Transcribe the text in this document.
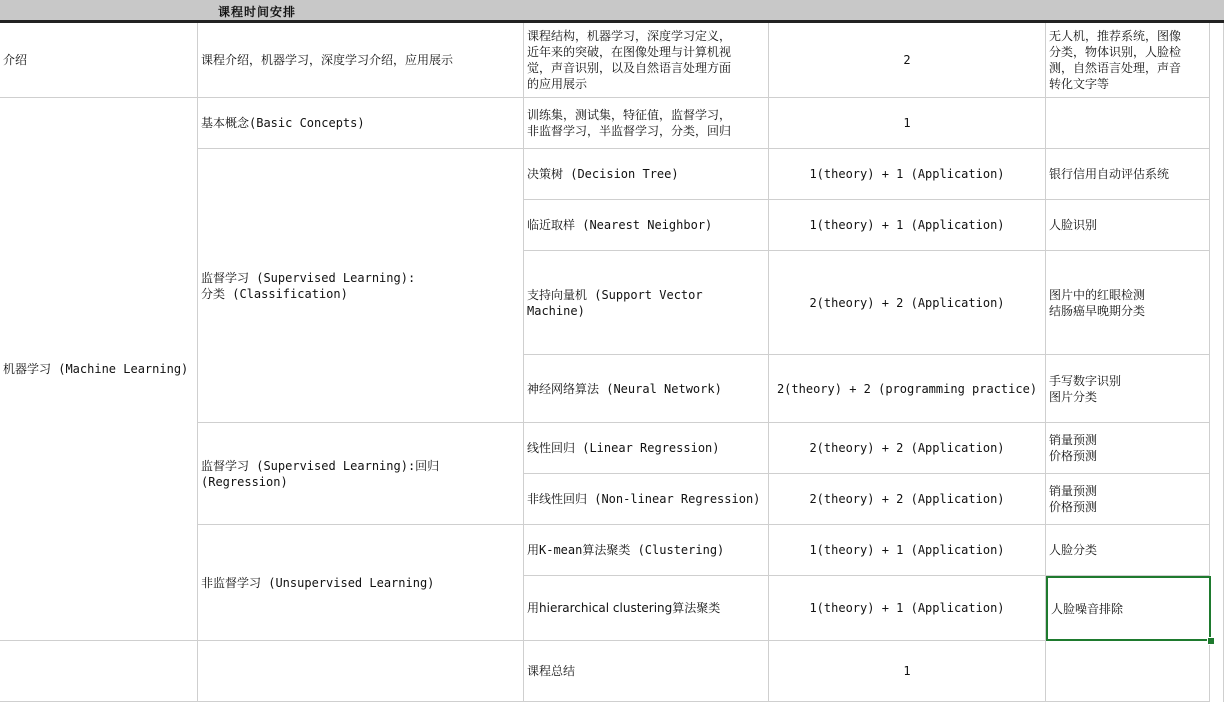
课程时间安排
介绍
机器学习 (Machine Learning)
课程介绍，机器学习，深度学习介绍，应用展示
基本概念(Basic Concepts)
监督学习 (Supervised Learning):
分类 (Classification)
监督学习 (Supervised Learning):回归
(Regression)
非监督学习 (Unsupervised Learning)
课程结构，机器学习，深度学习定义，
近年来的突破，在图像处理与计算机视
觉，声音识别，以及自然语言处理方面
的应用展示
训练集，测试集，特征值，监督学习，
非监督学习，半监督学习，分类，回归
决策树 (Decision Tree)
临近取样 (Nearest Neighbor)
支持向量机 (Support Vector Machine)
神经网络算法 (Neural Network)
线性回归 (Linear Regression)
非线性回归 (Non-linear Regression)
用K-mean算法聚类 (Clustering)
用hierarchical clustering算法聚类
课程总结
2
1
1(theory) + 1 (Application)
1(theory) + 1 (Application)
2(theory) + 2 (Application)
2(theory) + 2 (programming practice)
2(theory) + 2 (Application)
2(theory) + 2 (Application)
1(theory) + 1 (Application)
1(theory) + 1 (Application)
1
无人机，推荐系统，图像
分类，物体识别，人脸检
测，自然语言处理，声音
转化文字等
银行信用自动评估系统
人脸识别
图片中的红眼检测
结肠癌早晚期分类
手写数字识别
图片分类
销量预测
价格预测
销量预测
价格预测
人脸分类
人脸噪音排除
